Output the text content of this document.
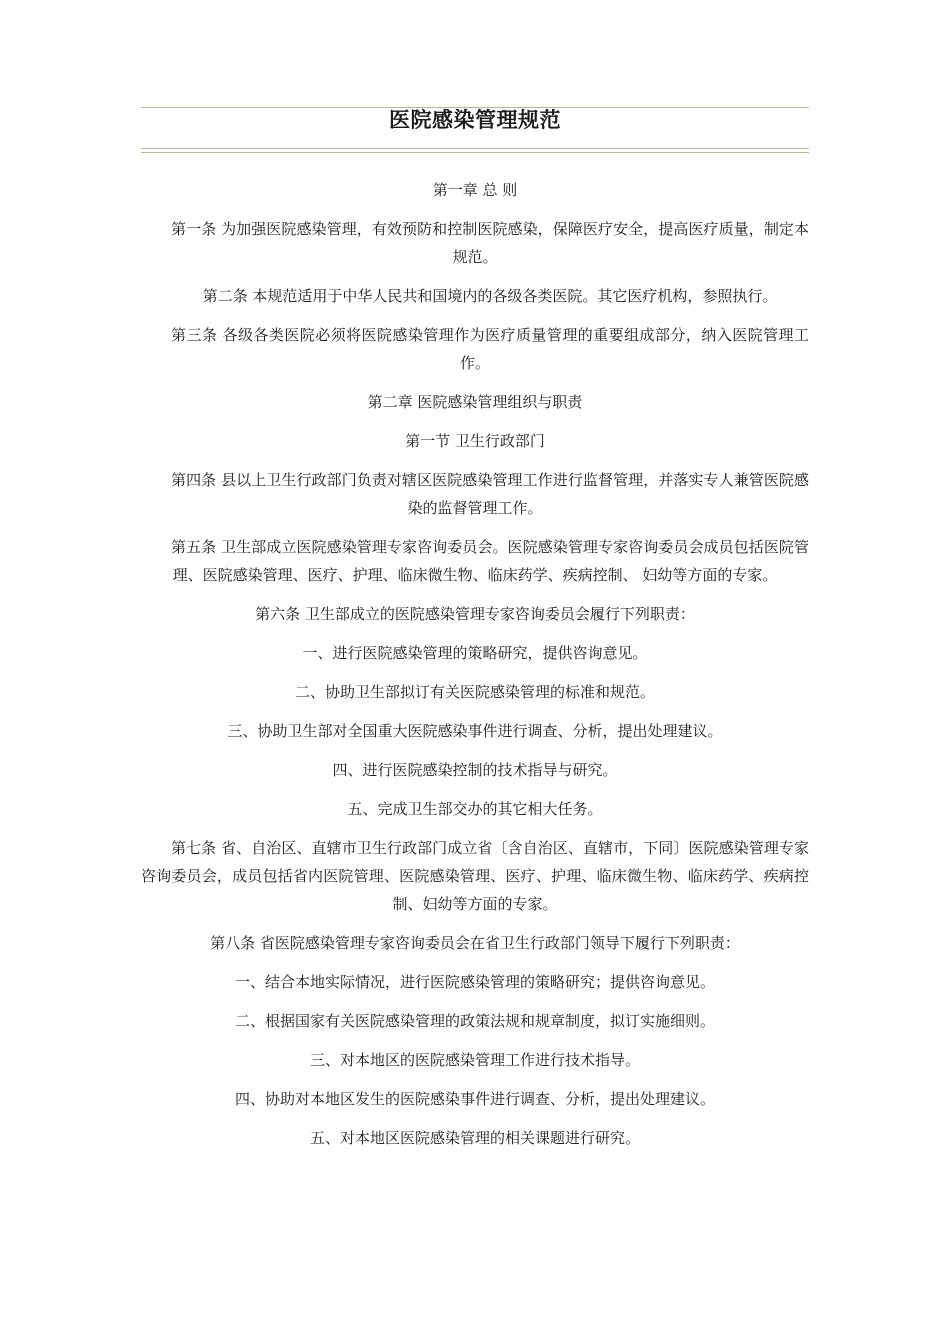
医院感染管理规范

第一章 总 则

第一条 为加强医院感染管理，有效预防和控制医院感染，保障医疗安全，提高医疗质量，制定本规范。

第二条 本规范适用于中华人民共和国境内的各级各类医院。其它医疗机构，参照执行。

第三条 各级各类医院必须将医院感染管理作为医疗质量管理的重要组成部分，纳入医院管理工作。

第二章 医院感染管理组织与职责

第一节 卫生行政部门

第四条 县以上卫生行政部门负责对辖区医院感染管理工作进行监督管理，并落实专人兼管医院感染的监督管理工作。

第五条 卫生部成立医院感染管理专家咨询委员会。医院感染管理专家咨询委员会成员包括医院管理、医院感染管理、医疗、护理、临床微生物、临床药学、疾病控制、 妇幼等方面的专家。

第六条 卫生部成立的医院感染管理专家咨询委员会履行下列职责：

一、进行医院感染管理的策略研究，提供咨询意见。

二、协助卫生部拟订有关医院感染管理的标准和规范。

三、协助卫生部对全国重大医院感染事件进行调查、分析，提出处理建议。

四、进行医院感染控制的技术指导与研究。

五、完成卫生部交办的其它相大任务。

第七条 省、自治区、直辖市卫生行政部门成立省〔含自治区、直辖市，下同〕医院感染管理专家咨询委员会，成员包括省内医院管理、医院感染管理、医疗、护理、临床微生物、临床药学、疾病控制、妇幼等方面的专家。

第八条 省医院感染管理专家咨询委员会在省卫生行政部门领导下履行下列职责：

一、结合本地实际情况，进行医院感染管理的策略研究；提供咨询意见。

二、根据国家有关医院感染管理的政策法规和规章制度，拟订实施细则。

三、对本地区的医院感染管理工作进行技术指导。

四、协助对本地区发生的医院感染事件进行调查、分析，提出处理建议。

五、对本地区医院感染管理的相关课题进行研究。
